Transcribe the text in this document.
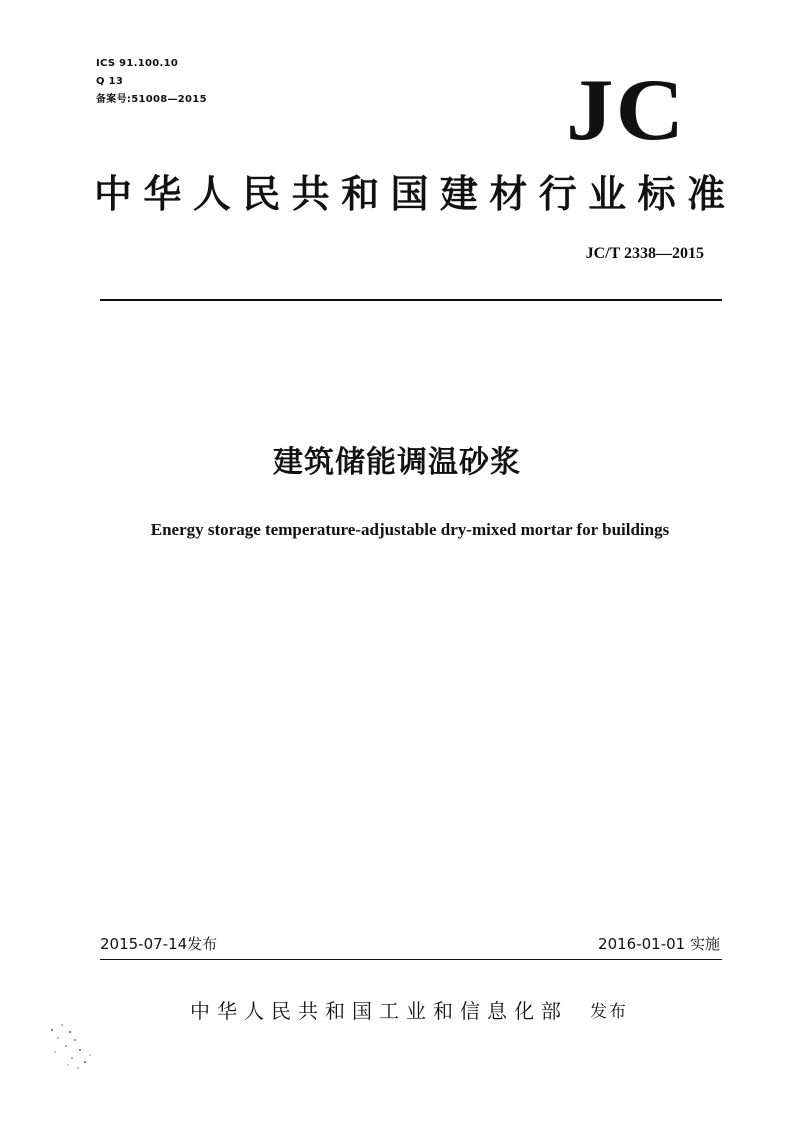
ICS 91.100.10
Q 13
备案号:51008—2015	JC
中华人民共和国建材行业标准
JC/T 2338—2015
建筑储能调温砂浆
Energy storage temperature-adjustable dry-mixed mortar for buildings
2015-07-14发布	2016-01-01 实施
中华人民共和国工业和信息化部 发布
